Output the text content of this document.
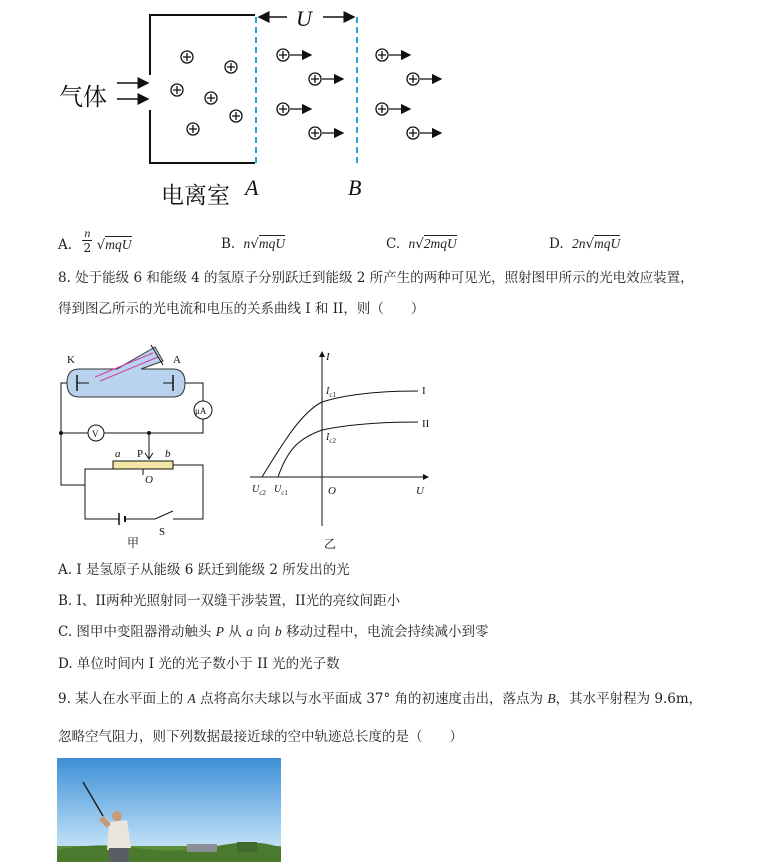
气体
U
电离室 A	B
A. $\frac{n}{2} √mqU$	B. n√mqU	C. n√2mqU	D. 2n√mqU
8. 处于能级 6 和能级 4 的氢原子分别跃迁到能级 2 所产生的两种可见光，照射图甲所示的光电效应装置，
得到图乙所示的光电流和电压的关系曲线 I 和 II，则（　　）
K	A
μA
V
P
a	b
O
S
甲
I
U
O
I
II
$I_{c1}$
$I_{c2}$
$U_{c2}$ $U_{c1}$
乙
A. I 是氢原子从能级 6 跃迁到能级 2 所发出的光
B. I、II两种光照射同一双缝干涉装置，II光的亮纹间距小
C. 图甲中变阻器滑动触头 P 从 a 向 b 移动过程中，电流会持续减小到零
D. 单位时间内 I 光的光子数小于 II 光的光子数
9. 某人在水平面上的 A 点将高尔夫球以与水平面成 37° 角的初速度击出，落点为 B，其水平射程为 9.6m，
忽略空气阻力，则下列数据最接近球的空中轨迹总长度的是（　　）
